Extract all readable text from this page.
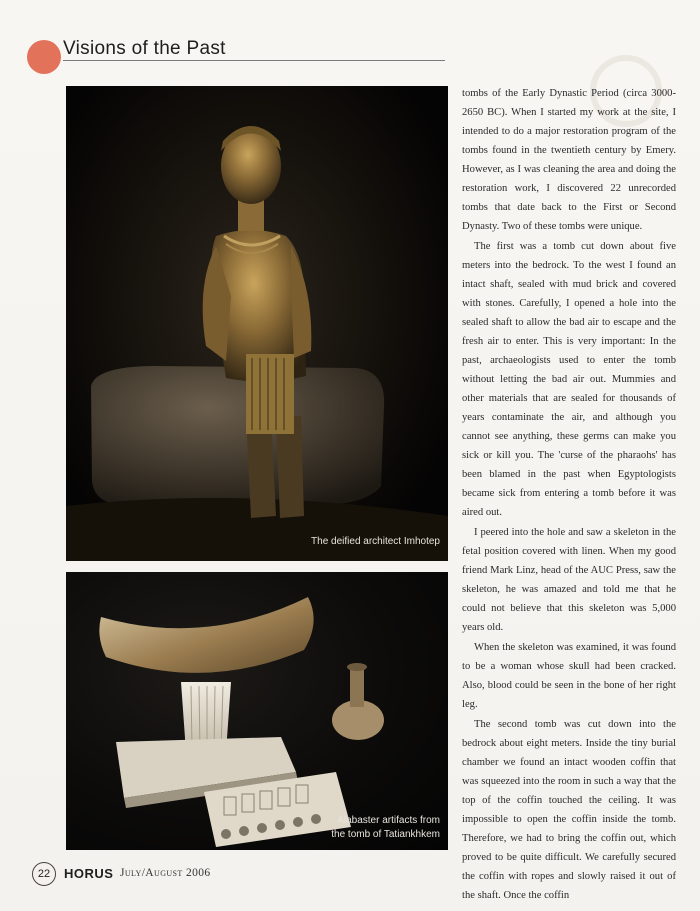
Visions of the Past
The deified architect Imhotep
Alabaster artifacts from the tomb of Tatiankhkem

tombs of the Early Dynastic Period (circa 3000-2650 BC). When I started my work at the site, I intended to do a major restoration program of the tombs found in the twentieth century by Emery. However, as I was cleaning the area and doing the restoration work, I discovered 22 unrecorded tombs that date back to the First or Second Dynasty. Two of these tombs were unique.

The first was a tomb cut down about five meters into the bedrock. To the west I found an intact shaft, sealed with mud brick and covered with stones. Carefully, I opened a hole into the sealed shaft to allow the bad air to escape and the fresh air to enter. This is very important: In the past, archaeologists used to enter the tomb without letting the bad air out. Mummies and other materials that are sealed for thousands of years contaminate the air, and although you cannot see anything, these germs can make you sick or kill you. The 'curse of the pharaohs' has been blamed in the past when Egyptologists became sick from entering a tomb before it was aired out.

I peered into the hole and saw a skeleton in the fetal position covered with linen. When my good friend Mark Linz, head of the AUC Press, saw the skeleton, he was amazed and told me that he could not believe that this skeleton was 5,000 years old.

When the skeleton was examined, it was found to be a woman whose skull had been cracked. Also, blood could be seen in the bone of her right leg.

The second tomb was cut down into the bedrock about eight meters. Inside the tiny burial chamber we found an intact wooden coffin that was squeezed into the room in such a way that the top of the coffin touched the ceiling. It was impossible to open the coffin inside the tomb. Therefore, we had to bring the coffin out, which proved to be quite difficult. We carefully secured the coffin with ropes and slowly raised it out of the shaft. Once the coffin

22	HORUS July/August 2006
